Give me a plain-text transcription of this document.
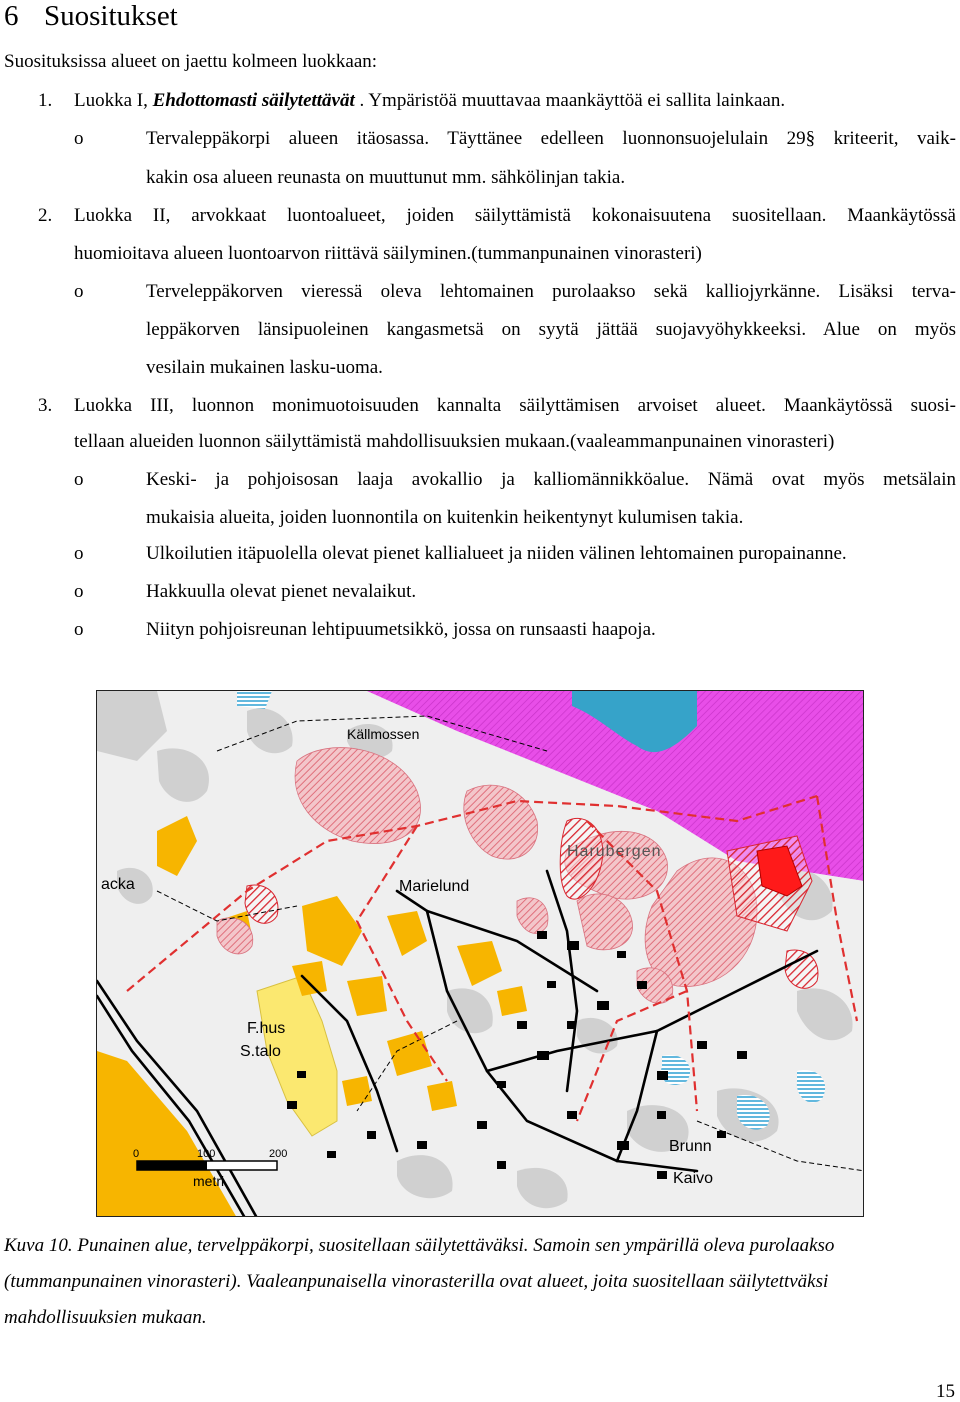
6 Suositukset
Suosituksissa alueet on jaettu kolmeen luokkaan:
1. Luokka I, Ehdottomasti säilytettävät . Ympäristöä muuttavaa maankäyttöä ei sallita lainkaan.
o	Tervaleppäkorpi alueen itäosassa. Täyttänee edelleen luonnonsuojelulain 29§ kriteerit, vaik-
kakin osa alueen reunasta on muuttunut mm. sähkölinjan takia.
2. Luokka II, arvokkaat luontoalueet, joiden säilyttämistä kokonaisuutena suositellaan. Maankäytössä
huomioitava alueen luontoarvon riittävä säilyminen.(tummanpunainen vinorasteri)
o	Terveleppäkorven vieressä oleva lehtomainen purolaakso sekä kalliojyrkänne. Lisäksi terva-
leppäkorven länsipuoleinen kangasmetsä on syytä jättää suojavyöhykkeeksi. Alue on myös
vesilain mukainen lasku-uoma.
3. Luokka III, luonnon monimuotoisuuden kannalta säilyttämisen arvoiset alueet. Maankäytössä suosi-
tellaan alueiden luonnon säilyttämistä mahdollisuuksien mukaan.(vaaleammanpunainen vinorasteri)
o	Keski- ja pohjoisosan laaja avokallio ja kalliomännikköalue. Nämä ovat myös metsälain
mukaisia alueita, joiden luonnontila on kuitenkin heikentynyt kulumisen takia.
o	Ulkoilutien itäpuolella olevat pienet kallialueet ja niiden välinen lehtomainen puropainanne.
o	Hakkuulla olevat pienet nevalaikut.
o	Niityn pohjoisreunan lehtipuumetsikkö, jossa on runsaasti haapoja.
Källmossen
Harubergen
acka	Marielund
F.hus
S.talo
Brunn
Kaivo
0	100	200
metri
Kuva 10. Punainen alue, tervelppäkorpi, suositellaan säilytettäväksi. Samoin sen ympärillä oleva purolaakso
(tummanpunainen vinorasteri). Vaaleanpunaisella vinorasterilla ovat alueet, joita suositellaan säilytettväksi
mahdollisuuksien mukaan.
15
